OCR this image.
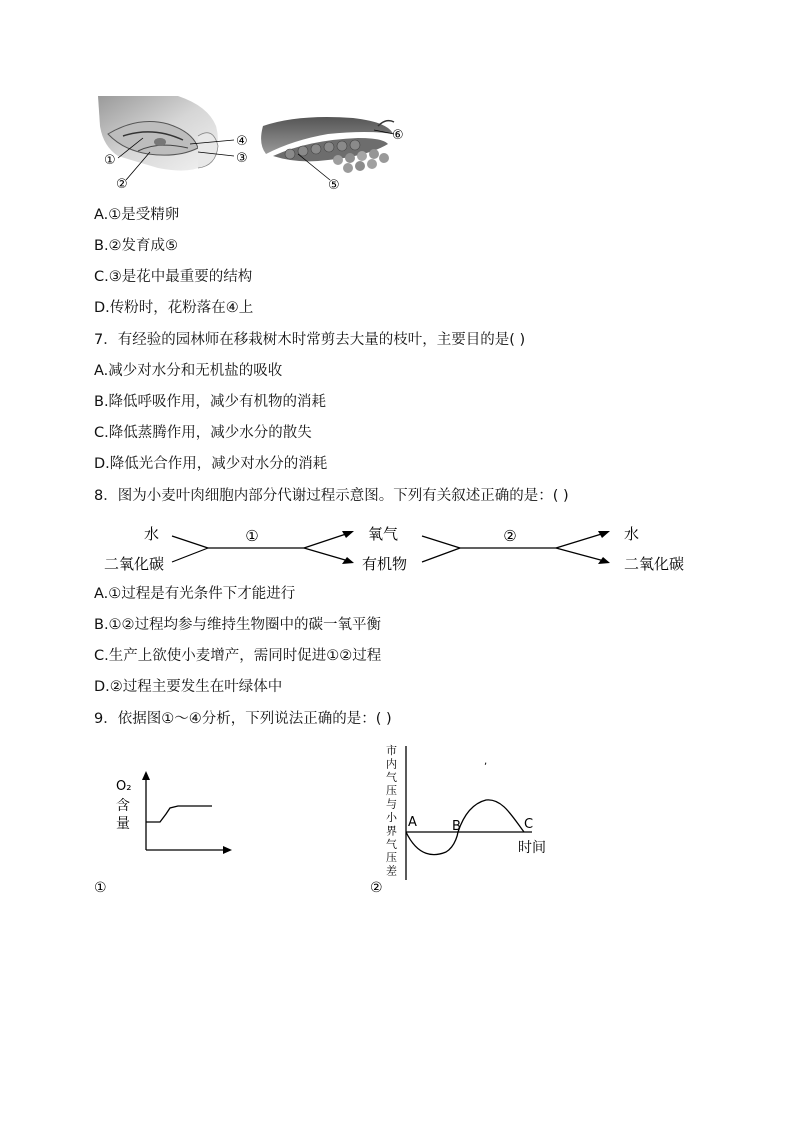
①
②
③
④
⑤
⑥
A.①是受精卵
B.②发育成⑤
C.③是花中最重要的结构
D.传粉时，花粉落在④上
7．有经验的园林师在移栽树木时常剪去大量的枝叶，主要目的是( )
A.减少对水分和无机盐的吸收
B.降低呼吸作用，减少有机物的消耗
C.降低蒸腾作用，减少水分的散失
D.降低光合作用，减少对水分的消耗
8．图为小麦叶肉细胞内部分代谢过程示意图。下列有关叙述正确的是：( )
水
二氧化碳
①	氧气
有机物
②	水
二氧化碳
A.①过程是有光条件下才能进行
B.①②过程均参与维持生物圈中的碳一氧平衡
C.生产上欲使小麦增产，需同时促进①②过程
D.②过程主要发生在叶绿体中
9．依据图①～④分析，下列说法正确的是：( )
O₂
含
量
①
市
内
气
压
与
小
界
气
压
差
,
A	B	C
时间
②
